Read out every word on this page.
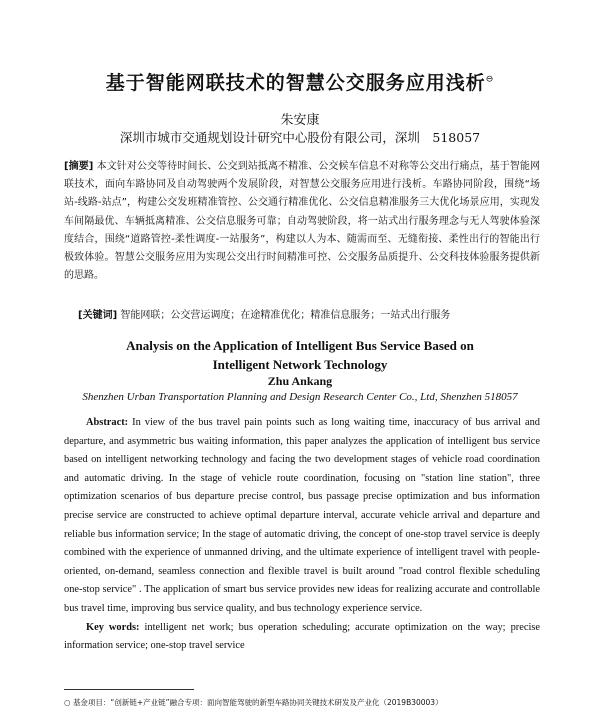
基于智能网联技术的智慧公交服务应用浅析⊖
朱安康
深圳市城市交通规划设计研究中心股份有限公司，深圳　518057
[摘要] 本文针对公交等待时间长、公交到站抵离不精准、公交候车信息不对称等公交出行痛点，基于智能网联技术，面向车路协同及自动驾驶两个发展阶段，对智慧公交服务应用进行浅析。车路协同阶段，围绕“场站-线路-站点”，构建公交发班精准管控、公交通行精准优化、公交信息精准服务三大优化场景应用，实现发车间隔最优、车辆抵离精准、公交信息服务可靠；自动驾驶阶段，将一站式出行服务理念与无人驾驶体验深度结合，围绕“道路管控-柔性调度-一站服务”，构建以人为本、随需而至、无缝衔接、柔性出行的智能出行极致体验。智慧公交服务应用为实现公交出行时间精准可控、公交服务品质提升、公交科技体验服务提供新的思路。
[关键词] 智能网联；公交营运调度；在途精准优化；精准信息服务；一站式出行服务
Analysis on the Application of Intelligent Bus Service Based on
Intelligent Network Technology
Zhu Ankang
Shenzhen Urban Transportation Planning and Design Research Center Co., Ltd, Shenzhen 518057

Abstract: In view of the bus travel pain points such as long waiting time, inaccuracy of bus arrival and departure, and asymmetric bus waiting information, this paper analyzes the application of intelligent bus service based on intelligent networking technology and facing the two development stages of vehicle road coordination and automatic driving. In the stage of vehicle route coordination, focusing on "station line station", three optimization scenarios of bus departure precise control, bus passage precise optimization and bus information precise service are constructed to achieve optimal departure interval, accurate vehicle arrival and departure and reliable bus information service; In the stage of automatic driving, the concept of one-stop travel service is deeply combined with the experience of unmanned driving, and the ultimate experience of intelligent travel with people-oriented, on-demand, seamless connection and flexible travel is built around "road control flexible scheduling one-stop service" . The application of smart bus service provides new ideas for realizing accurate and controllable bus travel time, improving bus service quality, and bus technology experience service.

Key words: intelligent net work; bus operation scheduling; accurate optimization on the way; precise information service; one-stop travel service

○ 基金项目：“创新链+产业链”融合专项：面向智能驾驶的新型车路协同关键技术研发及产业化（2019B30003）
